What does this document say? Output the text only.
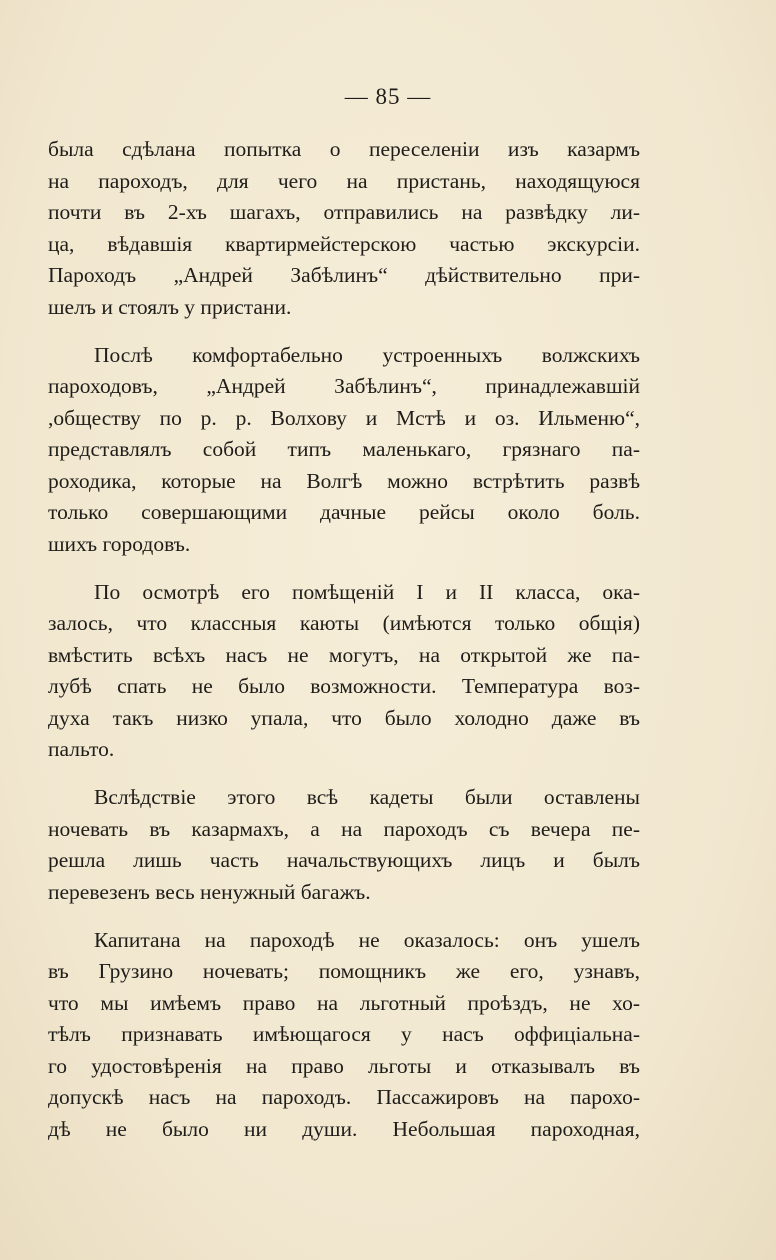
— 85 —
была сдѣлана попытка о переселенiи изъ казармъ
на пароходъ, для чего на пристань, находящуюся
почти въ 2-хъ шагахъ, отправились на развѣдку ли-
ца, вѣдавшiя квартирмейстерскою частью экскурсiи.
Пароходъ „Андрей Забѣлинъ“ дѣйствительно при-
шелъ и стоялъ у пристани.
Послѣ комфортабельно устроенныхъ волжскихъ
пароходовъ, „Андрей Забѣлинъ“, принадлежавшiй
,обществу по р. р. Волхову и Мстѣ и оз. Ильменю“,
представлялъ собой типъ маленькаго, грязнаго па-
роходика, которые на Волгѣ можно встрѣтить развѣ
только совершающими дачные рейсы около боль.
шихъ городовъ.
По осмотрѣ его помѣщенiй I и II класса, ока-
залось, что классныя каюты (имѣются только общiя)
вмѣстить всѣхъ насъ не могутъ, на открытой же па-
лубѣ спать не было возможности. Температура воз-
духа такъ низко упала, что было холодно даже въ
пальто.
Вслѣдствiе этого всѣ кадеты были оставлены
ночевать въ казармахъ, а на пароходъ съ вечера пе-
решла лишь часть начальствующихъ лицъ и былъ
перевезенъ весь ненужный багажъ.
Капитана на пароходѣ не оказалось: онъ ушелъ
въ Грузино ночевать; помощникъ же его, узнавъ,
что мы имѣемъ право на льготный проѣздъ, не хо-
тѣлъ признавать имѣющагося у насъ оффицiальна-
го удостовѣренiя на право льготы и отказывалъ въ
допускѣ насъ на пароходъ. Пассажировъ на парохо-
дѣ не было ни души. Небольшая пароходная,
